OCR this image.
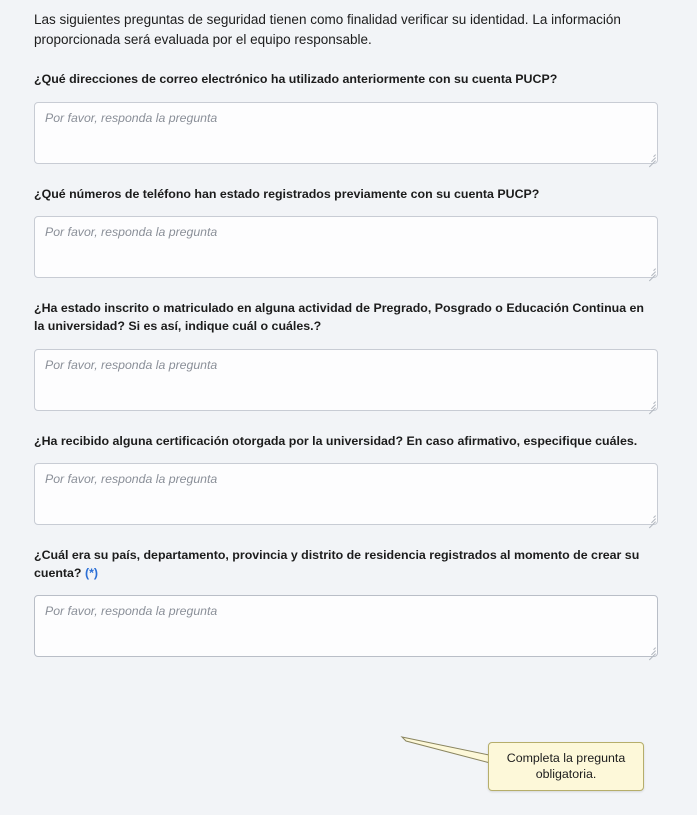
Las siguientes preguntas de seguridad tienen como finalidad verificar su identidad. La información proporcionada será evaluada por el equipo responsable.

¿Qué direcciones de correo electrónico ha utilizado anteriormente con su cuenta PUCP?
Por favor, responda la pregunta
¿Qué números de teléfono han estado registrados previamente con su cuenta PUCP?
Por favor, responda la pregunta
¿Ha estado inscrito o matriculado en alguna actividad de Pregrado, Posgrado o Educación Continua en la universidad? Si es así, indique cuál o cuáles.?
Por favor, responda la pregunta
¿Ha recibido alguna certificación otorgada por la universidad? En caso afirmativo, especifique cuáles.
Por favor, responda la pregunta
¿Cuál era su país, departamento, provincia y distrito de residencia registrados al momento de crear su cuenta? (*)
Por favor, responda la pregunta
Completa la pregunta obligatoria.
